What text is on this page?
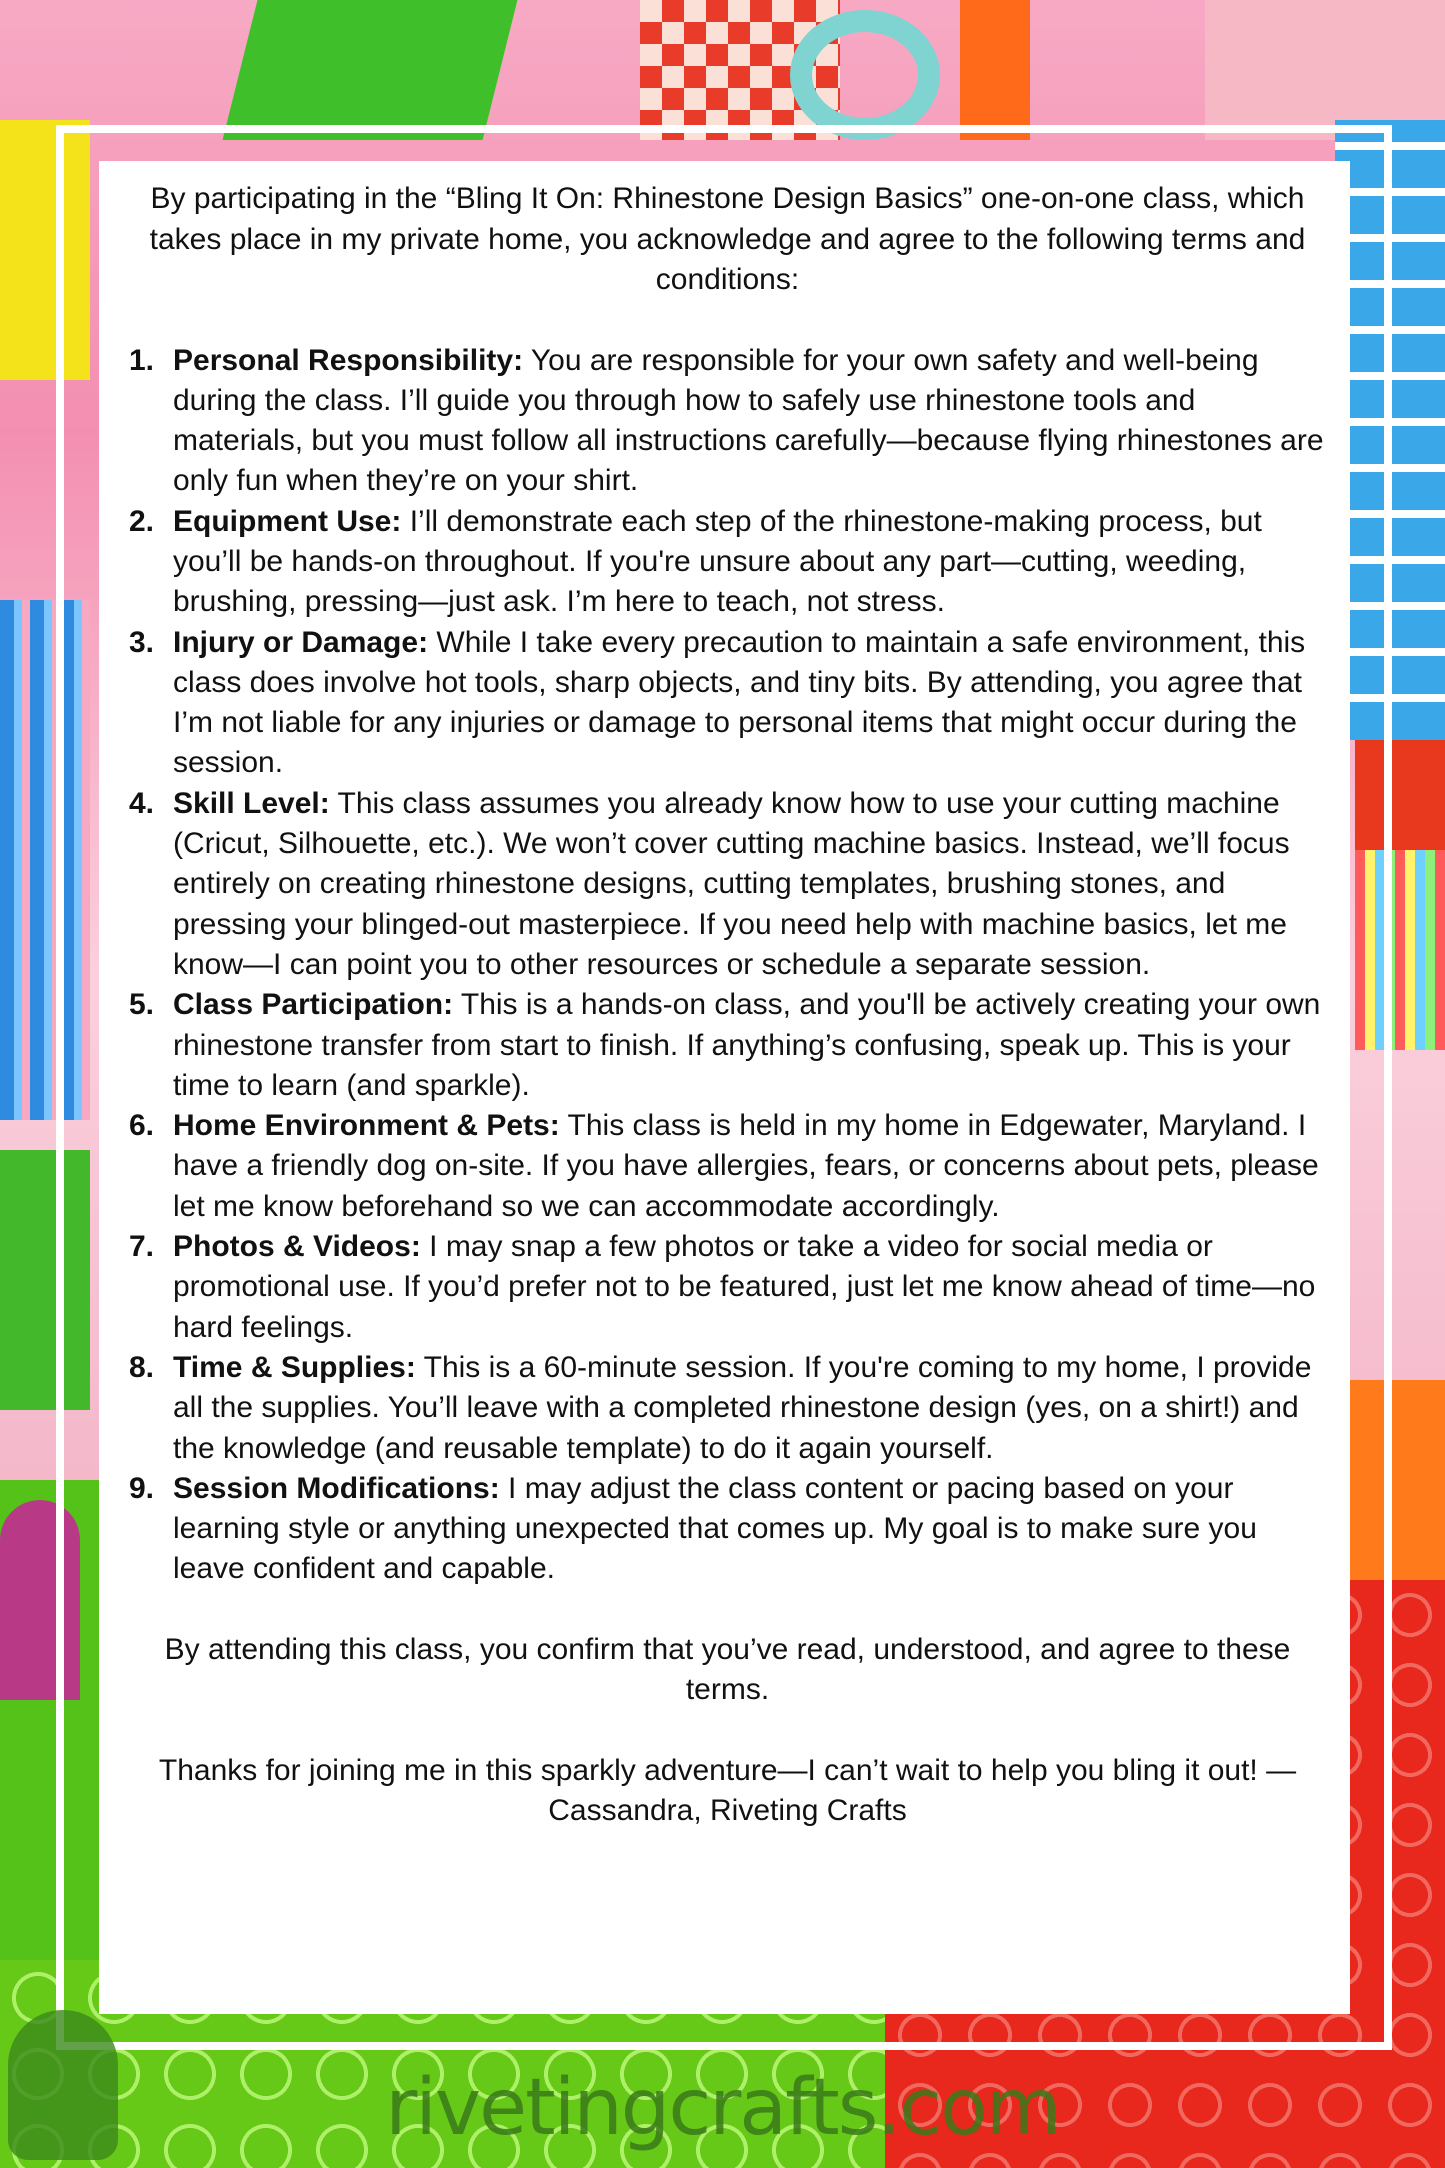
By participating in the “Bling It On: Rhinestone Design Basics” one-on-one class, which takes place in my private home, you acknowledge and agree to the following terms and conditions:

1. Personal Responsibility: You are responsible for your own safety and well-being during the class. I’ll guide you through how to safely use rhinestone tools and materials, but you must follow all instructions carefully—because flying rhinestones are only fun when they’re on your shirt.
2. Equipment Use: I’ll demonstrate each step of the rhinestone-making process, but you’ll be hands-on throughout. If you're unsure about any part—cutting, weeding, brushing, pressing—just ask. I’m here to teach, not stress.
3. Injury or Damage: While I take every precaution to maintain a safe environment, this class does involve hot tools, sharp objects, and tiny bits. By attending, you agree that I’m not liable for any injuries or damage to personal items that might occur during the session.
4. Skill Level: This class assumes you already know how to use your cutting machine (Cricut, Silhouette, etc.). We won’t cover cutting machine basics. Instead, we’ll focus entirely on creating rhinestone designs, cutting templates, brushing stones, and pressing your blinged-out masterpiece. If you need help with machine basics, let me know—I can point you to other resources or schedule a separate session.
5. Class Participation: This is a hands-on class, and you'll be actively creating your own rhinestone transfer from start to finish. If anything’s confusing, speak up. This is your time to learn (and sparkle).
6. Home Environment & Pets: This class is held in my home in Edgewater, Maryland. I have a friendly dog on-site. If you have allergies, fears, or concerns about pets, please let me know beforehand so we can accommodate accordingly.
7. Photos & Videos: I may snap a few photos or take a video for social media or promotional use. If you’d prefer not to be featured, just let me know ahead of time—no hard feelings.
8. Time & Supplies: This is a 60-minute session. If you're coming to my home, I provide all the supplies. You’ll leave with a completed rhinestone design (yes, on a shirt!) and the knowledge (and reusable template) to do it again yourself.
9. Session Modifications: I may adjust the class content or pacing based on your learning style or anything unexpected that comes up. My goal is to make sure you leave confident and capable.

By attending this class, you confirm that you’ve read, understood, and agree to these terms.

Thanks for joining me in this sparkly adventure—I can’t wait to help you bling it out! —Cassandra, Riveting Crafts

rivetingcrafts.com
